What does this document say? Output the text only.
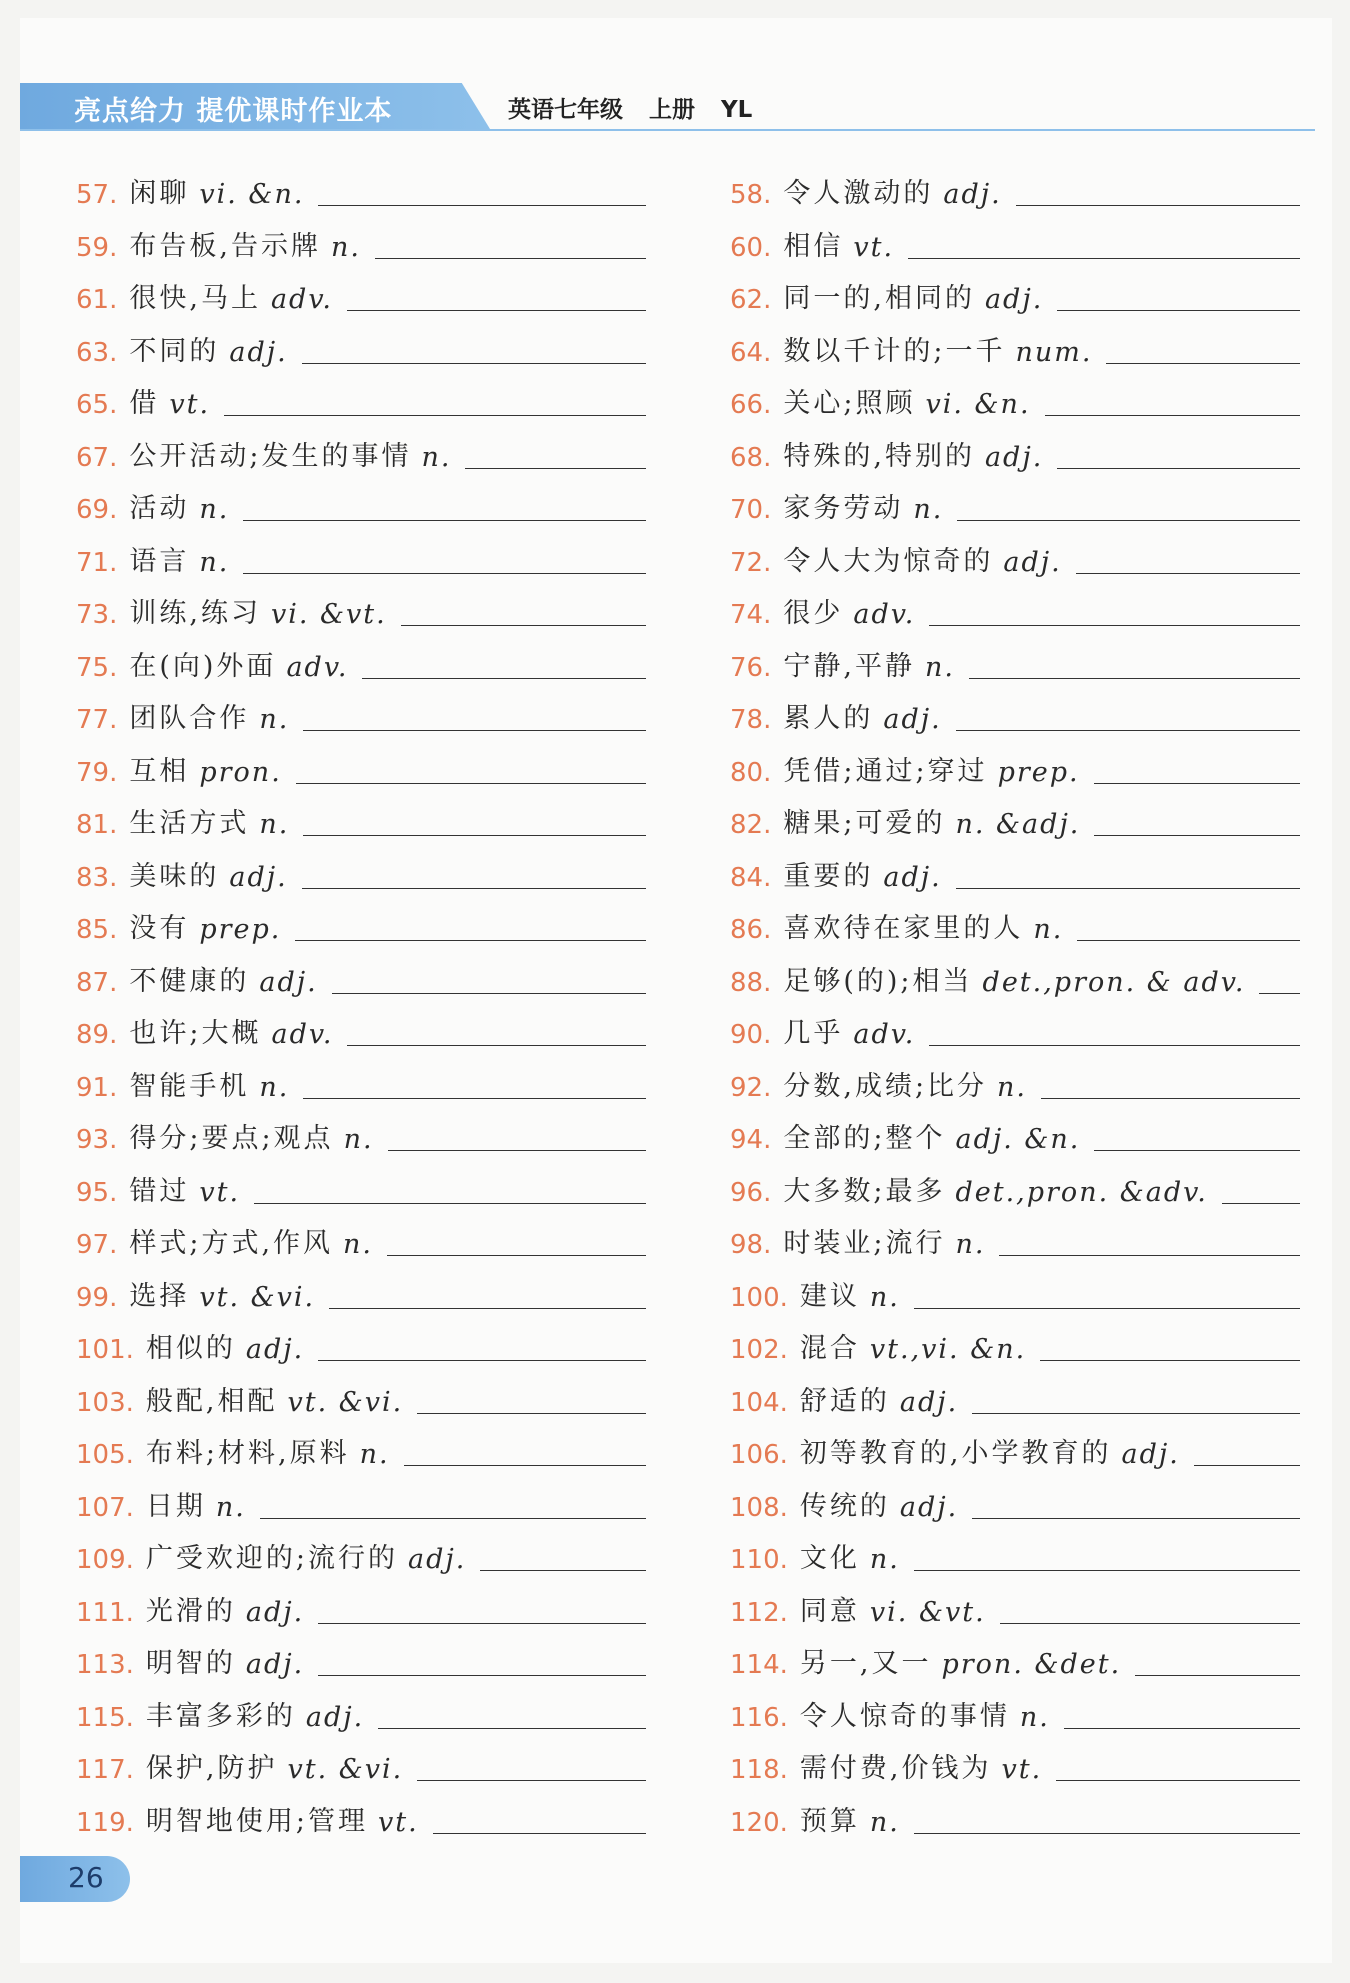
亮点给力 提优课时作业本	英语七年级 上册 YL
57. 闲聊 vi. &n.	58. 令人激动的 adj.
59. 布告板,告示牌 n.	60. 相信 vt.
61. 很快,马上 adv.	62. 同一的,相同的 adj.
63. 不同的 adj.	64. 数以千计的;一千 num.
65. 借 vt.	66. 关心;照顾 vi. &n.
67. 公开活动;发生的事情 n.	68. 特殊的,特别的 adj.
69. 活动 n.	70. 家务劳动 n.
71. 语言 n.	72. 令人大为惊奇的 adj.
73. 训练,练习 vi. &vt.	74. 很少 adv.
75. 在(向)外面 adv.	76. 宁静,平静 n.
77. 团队合作 n.	78. 累人的 adj.
79. 互相 pron.	80. 凭借;通过;穿过 prep.
81. 生活方式 n.	82. 糖果;可爱的 n. &adj.
83. 美味的 adj.	84. 重要的 adj.
85. 没有 prep.	86. 喜欢待在家里的人 n.
87. 不健康的 adj.	88. 足够(的);相当 det.,pron. & adv.
89. 也许;大概 adv.	90. 几乎 adv.
91. 智能手机 n.	92. 分数,成绩;比分 n.
93. 得分;要点;观点 n.	94. 全部的;整个 adj. &n.
95. 错过 vt.	96. 大多数;最多 det.,pron. &adv.
97. 样式;方式,作风 n.	98. 时装业;流行 n.
99. 选择 vt. &vi.	100. 建议 n.
101. 相似的 adj.	102. 混合 vt.,vi. &n.
103. 般配,相配 vt. &vi.	104. 舒适的 adj.
105. 布料;材料,原料 n.	106. 初等教育的,小学教育的 adj.
107. 日期 n.	108. 传统的 adj.
109. 广受欢迎的;流行的 adj.	110. 文化 n.
111. 光滑的 adj.	112. 同意 vi. &vt.
113. 明智的 adj.	114. 另一,又一 pron. &det.
115. 丰富多彩的 adj.	116. 令人惊奇的事情 n.
117. 保护,防护 vt. &vi.	118. 需付费,价钱为 vt.
119. 明智地使用;管理 vt.	120. 预算 n.
26
